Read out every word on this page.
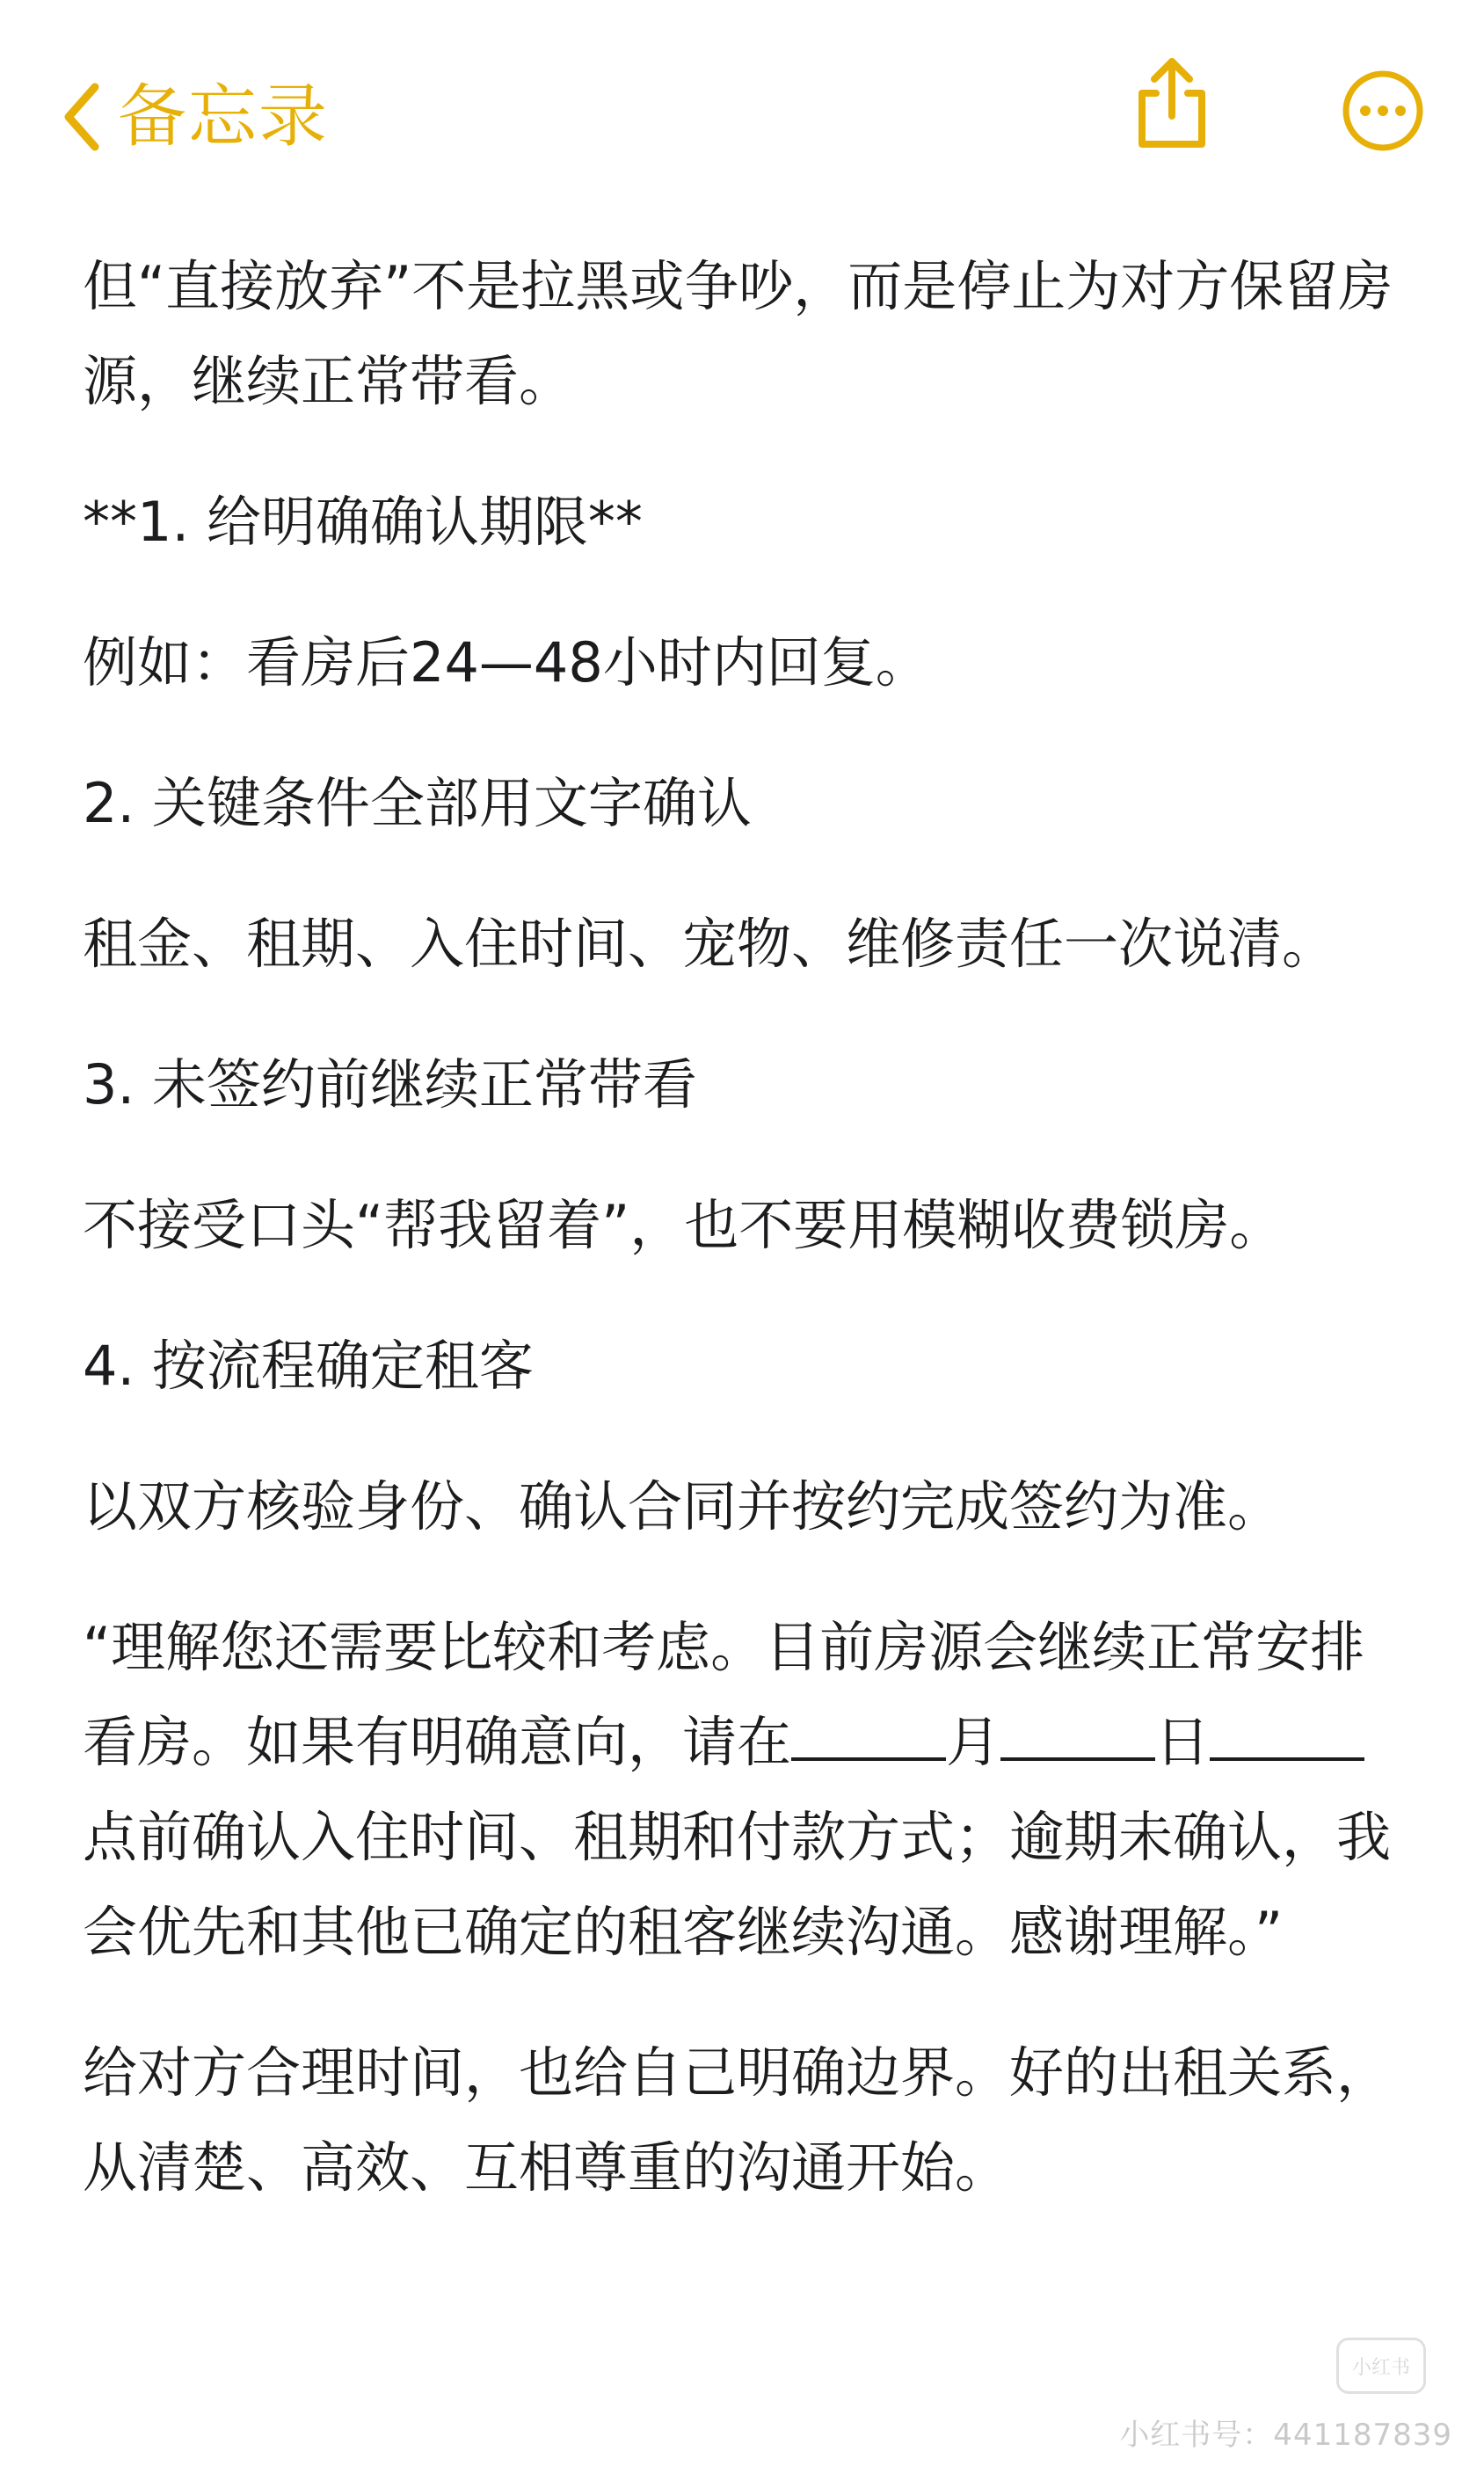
备忘录

但“直接放弃”不是拉黑或争吵，而是停止为对方保留房源，继续正常带看。

**1. 给明确确认期限**

例如：看房后24—48小时内回复。

2. 关键条件全部用文字确认

租金、租期、入住时间、宠物、维修责任一次说清。

3. 未签约前继续正常带看

不接受口头“帮我留着”，也不要用模糊收费锁房。

4. 按流程确定租客

以双方核验身份、确认合同并按约完成签约为准。

“理解您还需要比较和考虑。目前房源会继续正常安排看房。如果有明确意向，请在	月	日点前确认入住时间、租期和付款方式；逾期未确认，我会优先和其他已确定的租客继续沟通。感谢理解。”

给对方合理时间，也给自己明确边界。好的出租关系，从清楚、高效、互相尊重的沟通开始。

小红书
小红书号：441187839
